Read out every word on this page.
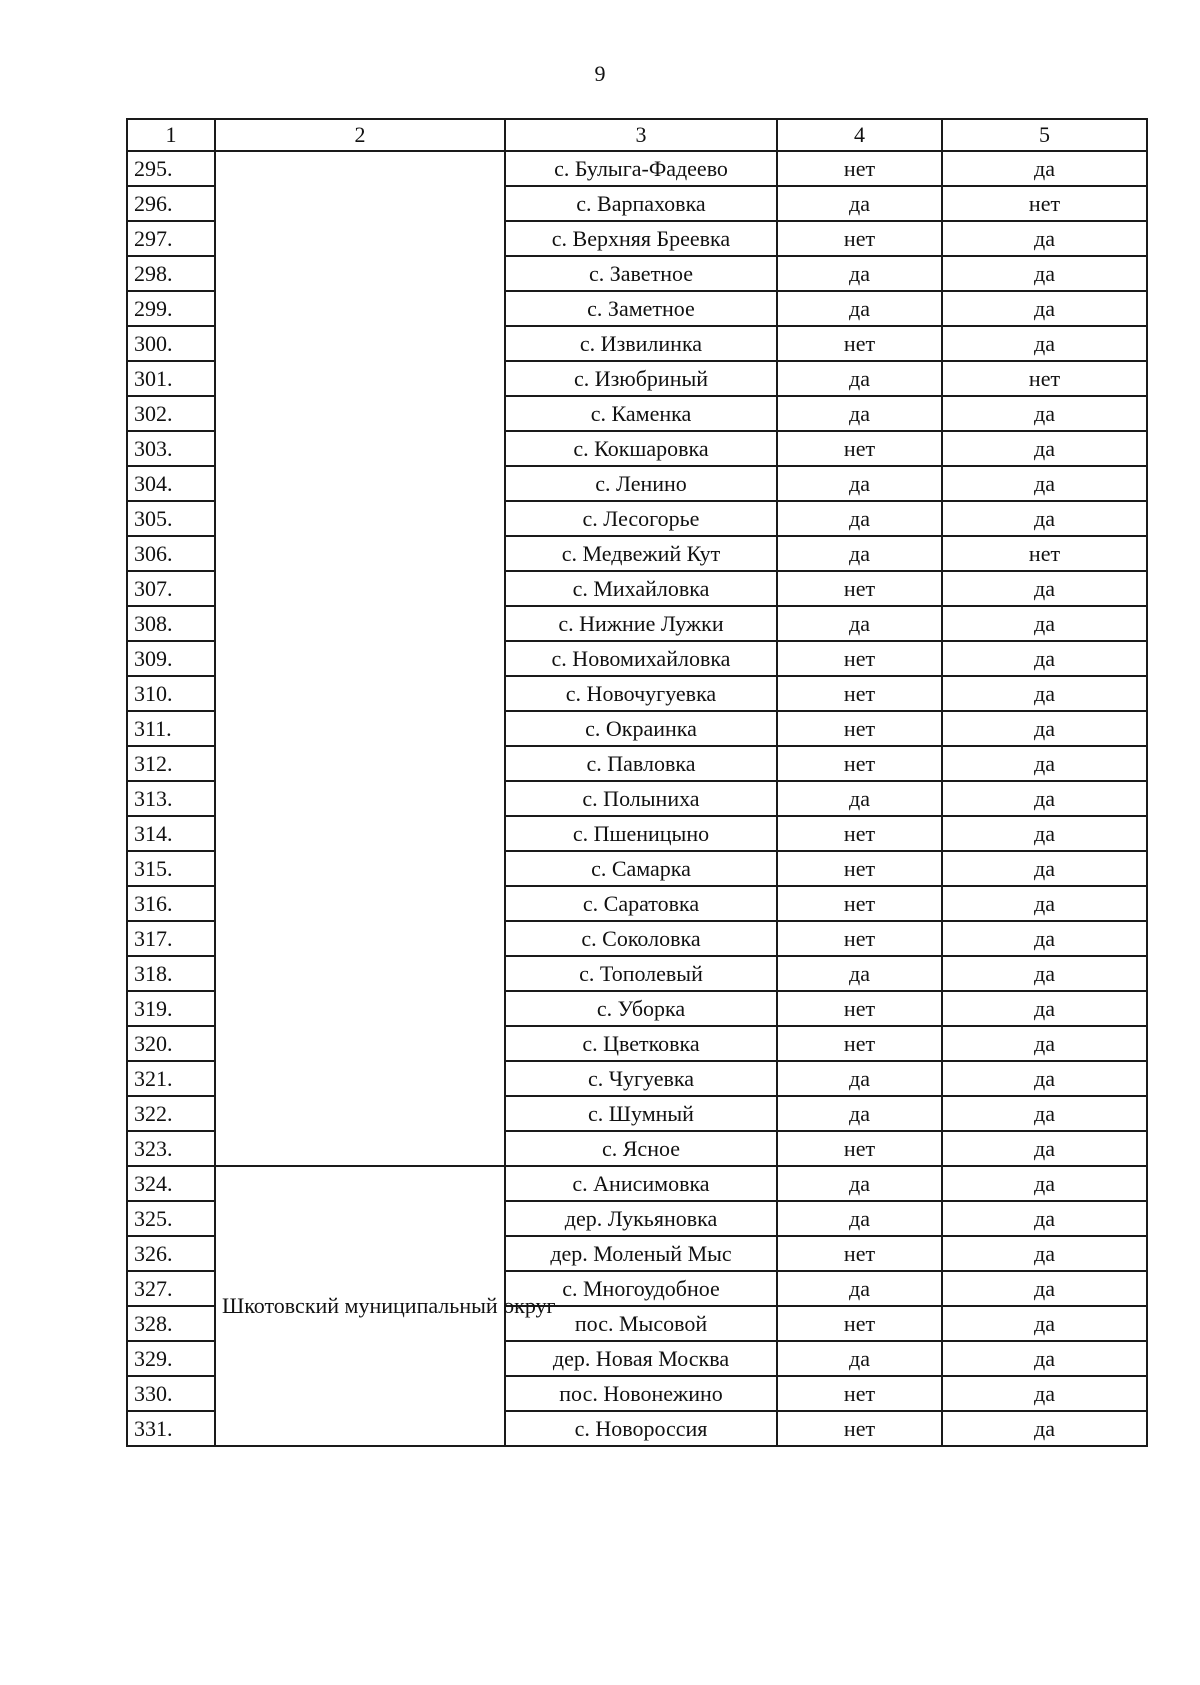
9
1	2	3	4	5
295.		с. Булыга-Фадеево	нет	да
296.		с. Варпаховка	да	нет
297.		с. Верхняя Бреевка	нет	да
298.		с. Заветное	да	да
299.		с. Заметное	да	да
300.		с. Извилинка	нет	да
301.		с. Изюбриный	да	нет
302.		с. Каменка	да	да
303.		с. Кокшаровка	нет	да
304.		с. Ленино	да	да
305.		с. Лесогорье	да	да
306.		с. Медвежий Кут	да	нет
307.		с. Михайловка	нет	да
308.		с. Нижние Лужки	да	да
309.		с. Новомихайловка	нет	да
310.		с. Новочугуевка	нет	да
311.		с. Окраинка	нет	да
312.		с. Павловка	нет	да
313.		с. Полыниха	да	да
314.		с. Пшеницыно	нет	да
315.		с. Самарка	нет	да
316.		с. Саратовка	нет	да
317.		с. Соколовка	нет	да
318.		с. Тополевый	да	да
319.		с. Уборка	нет	да
320.		с. Цветковка	нет	да
321.		с. Чугуевка	да	да
322.		с. Шумный	да	да
323.		с. Ясное	нет	да
324.	Шкотовский муниципальный округ	с. Анисимовка	да	да
325.		дер. Лукьяновка	да	да
326.		дер. Моленый Мыс	нет	да
327.		с. Многоудобное	да	да
328.		пос. Мысовой	нет	да
329.		дер. Новая Москва	да	да
330.		пос. Новонежино	нет	да
331.		с. Новороссия	нет	да
